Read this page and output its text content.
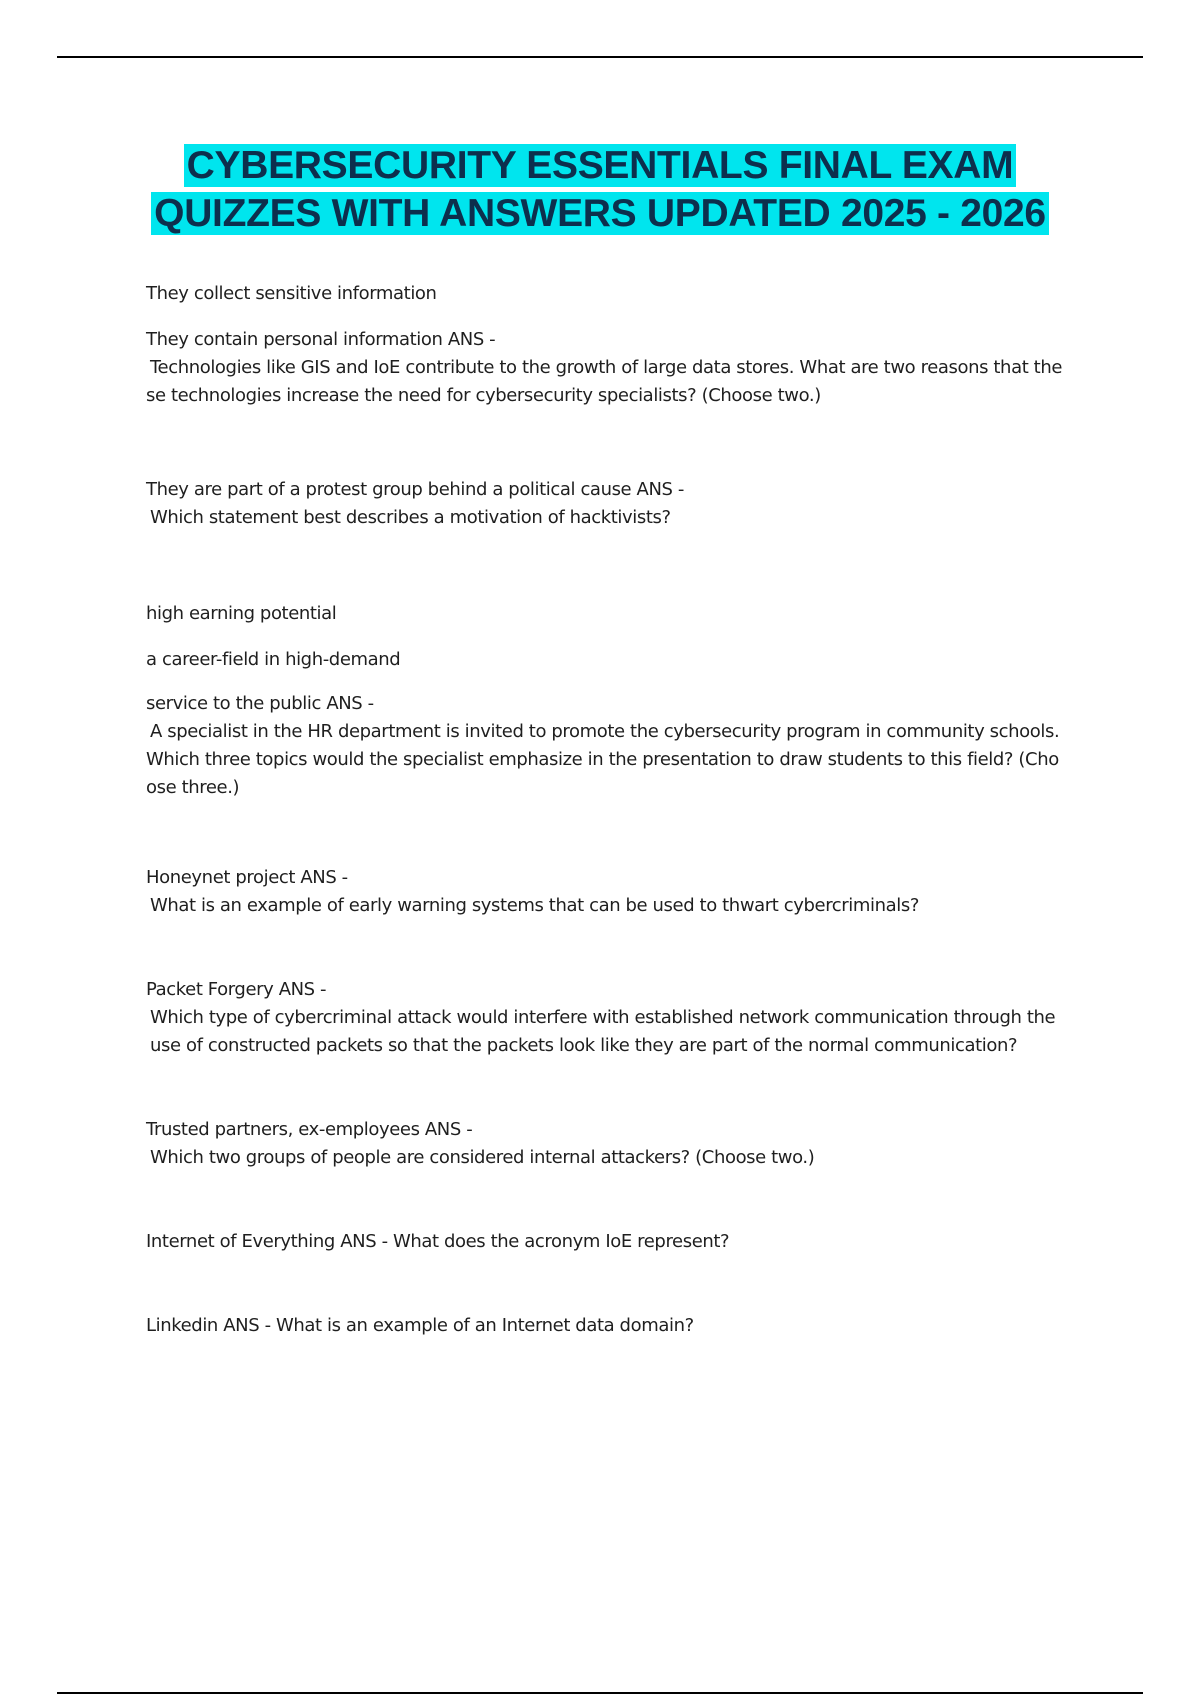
CYBERSECURITY ESSENTIALS FINAL EXAM
QUIZZES WITH ANSWERS UPDATED 2025 - 2026

They collect sensitive information

They contain personal information ANS -

Technologies like GIS and IoE contribute to the growth of large data stores. What are two reasons that the

se technologies increase the need for cybersecurity specialists? (Choose two.)

They are part of a protest group behind a political cause ANS -

Which statement best describes a motivation of hacktivists?

high earning potential

a career-field in high-demand

service to the public ANS -

A specialist in the HR department is invited to promote the cybersecurity program in community schools.

Which three topics would the specialist emphasize in the presentation to draw students to this field? (Cho

ose three.)

Honeynet project ANS -

What is an example of early warning systems that can be used to thwart cybercriminals?

Packet Forgery ANS -

Which type of cybercriminal attack would interfere with established network communication through the

use of constructed packets so that the packets look like they are part of the normal communication?

Trusted partners, ex-employees ANS -

Which two groups of people are considered internal attackers? (Choose two.)

Internet of Everything ANS - What does the acronym IoE represent?

Linkedin ANS - What is an example of an Internet data domain?
